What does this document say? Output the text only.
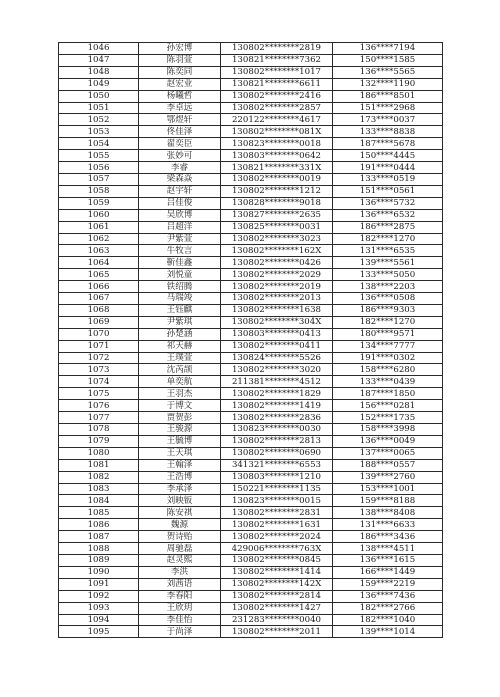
1046	孙宏博	130802********2819	136****7194
1047	陈羽萱	130821********7362	150****1585
1048	陈奕同	130802********1017	136****5565
1049	赵宏业	130821********6611	132****1190
1050	杨曦哲	130802********2416	186****8501
1051	李卓远	130802********2857	151****2968
1052	鄂煜轩	220122********4617	173****0037
1053	佟佳泽	130802********081X	133****8838
1054	翟奕臣	130823********0018	187****5678
1055	张妙可	130803********0642	150****4445
1056	李睿	130821********331X	191****0444
1057	梁森焱	130802********0019	133****0519
1058	赵宇轩	130802********1212	151****0561
1059	吕佳俊	130828********9018	136****5732
1060	吴欣博	130827********2635	136****6532
1061	吕超洋	130825********0031	186****2875
1062	尹紫萱	130802********3023	182****1270
1063	牛牧言	130802********162X	131****6535
1064	靳佳鑫	130802********0426	139****5561
1065	刘悦童	130802********2029	133****5050
1066	铁绍腾	130802********2019	138****2203
1067	马瑞竣	130802********2013	136****0508
1068	王钰麒	130802********1638	186****9303
1069	尹紫琪	130802********304X	182****1270
1070	孙楚涵	130803********0413	180****9571
1071	祁天赫	130802********0411	134****7777
1072	王璞萱	130824********5526	191****0302
1073	沈芮颉	130802********3020	158****6280
1074	单奕航	211381********4512	133****0439
1075	王羽杰	130802********1829	187****1850
1076	于博文	130802********1419	156****0281
1077	贾贺彭	130802********2836	152****1735
1078	王骏源	130823********0030	158****3998
1079	王毓博	130802********2813	136****0049
1080	王天琪	130802********0690	137****0065
1081	王翰泽	341321********6553	188****0557
1082	王浩博	130803********1210	139****2760
1083	李承泽	150221********1135	153****1001
1084	刘映钣	130823********0015	159****8188
1085	陈安祺	130802********2831	138****8408
1086	魏源	130802********1631	131****6633
1087	贺诗贻	130802********2024	186****3436
1088	周驰磊	429006********763X	138****4511
1089	赵灵熙	130802********0845	136****1615
1090	李洪	130802********1414	166****1449
1091	刘茜语	130802********142X	159****2219
1092	李春阳	130802********2814	136****7436
1093	王欣玥	130802********1427	182****2766
1094	李佳怡	231283********0040	182****1040
1095	于尚泽	130802********2011	139****1014
